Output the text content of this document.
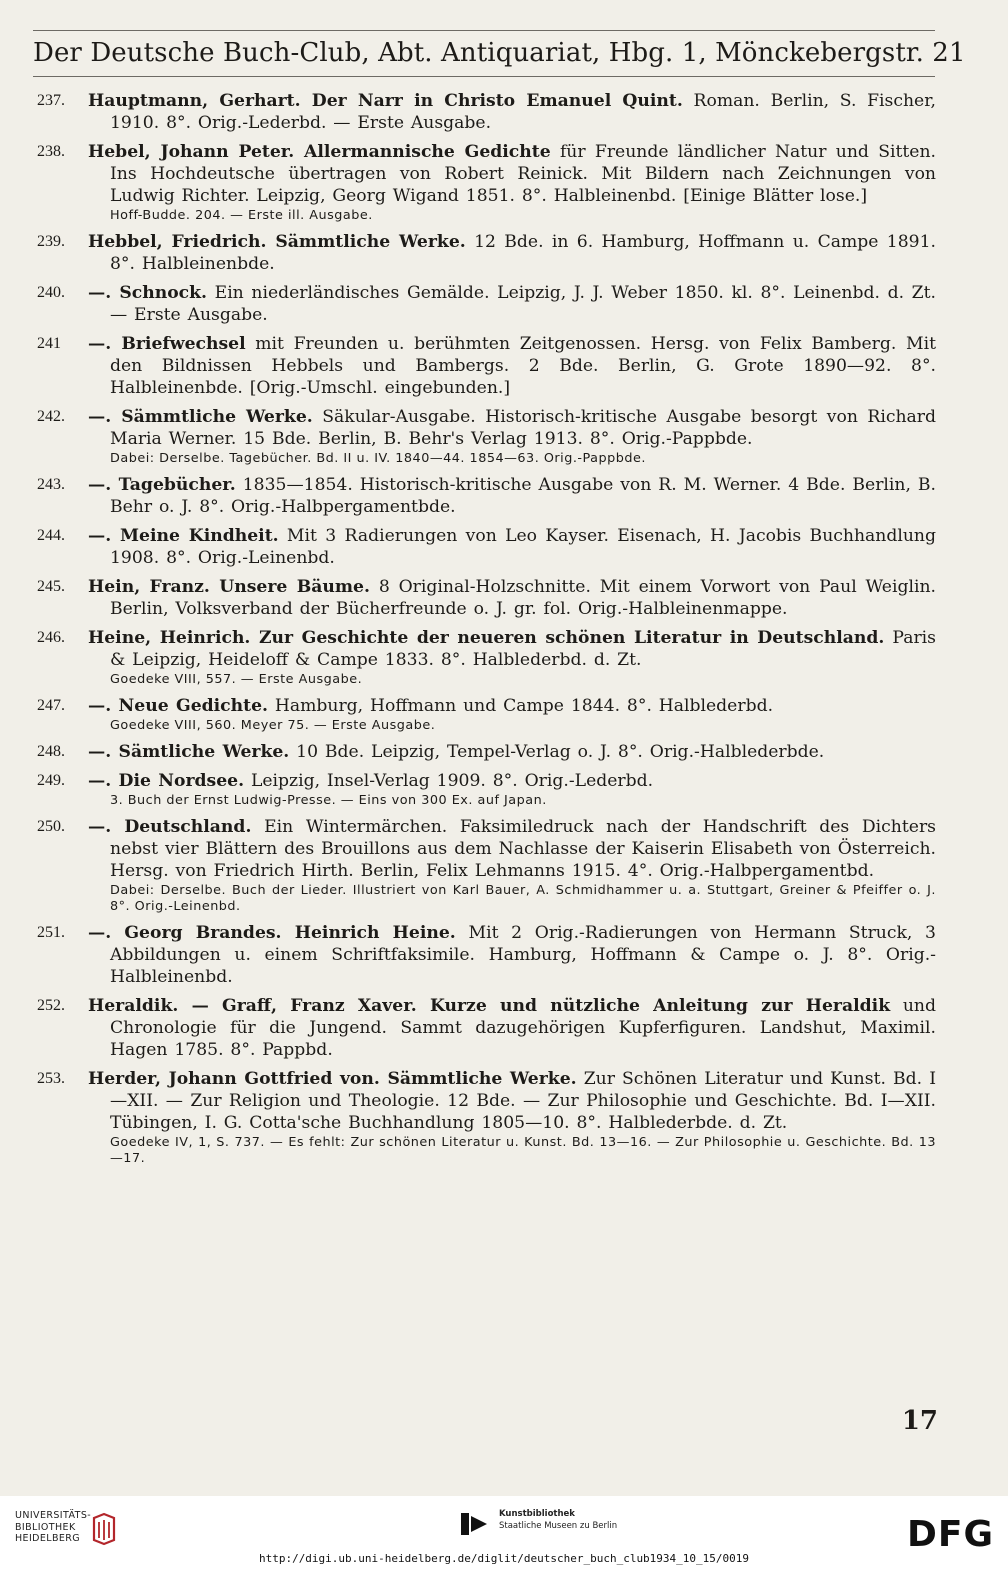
Der Deutsche Buch-Club, Abt. Antiquariat, Hbg. 1, Mönckebergstr. 21
237. Hauptmann, Gerhart. Der Narr in Christo Emanuel Quint. Roman. Berlin, S. Fischer, 1910. 8°. Orig.-Lederbd. — Erste Ausgabe.
238. Hebel, Johann Peter. Allermannische Gedichte für Freunde ländlicher Natur und Sitten. Ins Hochdeutsche übertragen von Robert Reinick. Mit Bildern nach Zeichnungen von Ludwig Richter. Leipzig, Georg Wigand 1851. 8°. Halbleinenbd. [Einige Blätter lose.]
Hoff-Budde. 204. — Erste ill. Ausgabe.
239. Hebbel, Friedrich. Sämmtliche Werke. 12 Bde. in 6. Hamburg, Hoffmann u. Campe 1891. 8°. Halbleinenbde.
240. —. Schnock. Ein niederländisches Gemälde. Leipzig, J. J. Weber 1850. kl. 8°. Leinenbd. d. Zt. — Erste Ausgabe.
241 —. Briefwechsel mit Freunden u. berühmten Zeitgenossen. Hersg. von Felix Bamberg. Mit den Bildnissen Hebbels und Bambergs. 2 Bde. Berlin, G. Grote 1890—92. 8°. Halbleinenbde. [Orig.-Umschl. eingebunden.]
242. —. Sämmtliche Werke. Säkular-Ausgabe. Historisch-kritische Ausgabe besorgt von Richard Maria Werner. 15 Bde. Berlin, B. Behr's Verlag 1913. 8°. Orig.-Pappbde.
Dabei: Derselbe. Tagebücher. Bd. II u. IV. 1840—44. 1854—63. Orig.-Pappbde.
243. —. Tagebücher. 1835—1854. Historisch-kritische Ausgabe von R. M. Werner. 4 Bde. Berlin, B. Behr o. J. 8°. Orig.-Halbpergamentbde.
244. —. Meine Kindheit. Mit 3 Radierungen von Leo Kayser. Eisenach, H. Jacobis Buchhandlung 1908. 8°. Orig.-Leinenbd.
245. Hein, Franz. Unsere Bäume. 8 Original-Holzschnitte. Mit einem Vorwort von Paul Weiglin. Berlin, Volksverband der Bücherfreunde o. J. gr. fol. Orig.-Halbleinenmappe.
246. Heine, Heinrich. Zur Geschichte der neueren schönen Literatur in Deutschland. Paris & Leipzig, Heideloff & Campe 1833. 8°. Halblederbd. d. Zt.
Goedeke VIII, 557. — Erste Ausgabe.
247. —. Neue Gedichte. Hamburg, Hoffmann und Campe 1844. 8°. Halblederbd.
Goedeke VIII, 560. Meyer 75. — Erste Ausgabe.
248. —. Sämtliche Werke. 10 Bde. Leipzig, Tempel-Verlag o. J. 8°. Orig.-Halblederbde.
249. —. Die Nordsee. Leipzig, Insel-Verlag 1909. 8°. Orig.-Lederbd.
3. Buch der Ernst Ludwig-Presse. — Eins von 300 Ex. auf Japan.
250. —. Deutschland. Ein Wintermärchen. Faksimiledruck nach der Handschrift des Dichters nebst vier Blättern des Brouillons aus dem Nachlasse der Kaiserin Elisabeth von Österreich. Hersg. von Friedrich Hirth. Berlin, Felix Lehmanns 1915. 4°. Orig.-Halbpergamentbd.
Dabei: Derselbe. Buch der Lieder. Illustriert von Karl Bauer, A. Schmidhammer u. a. Stuttgart, Greiner & Pfeiffer o. J. 8°. Orig.-Leinenbd.
251. —. Georg Brandes. Heinrich Heine. Mit 2 Orig.-Radierungen von Hermann Struck, 3 Abbildungen u. einem Schriftfaksimile. Hamburg, Hoffmann & Campe o. J. 8°. Orig.-Halbleinenbd.
252. Heraldik. — Graff, Franz Xaver. Kurze und nützliche Anleitung zur Heraldik und Chronologie für die Jungend. Sammt dazugehörigen Kupferfiguren. Landshut, Maximil. Hagen 1785. 8°. Pappbd.
253. Herder, Johann Gottfried von. Sämmtliche Werke. Zur Schönen Literatur und Kunst. Bd. I—XII. — Zur Religion und Theologie. 12 Bde. — Zur Philosophie und Geschichte. Bd. I—XII. Tübingen, I. G. Cotta'sche Buchhandlung 1805—10. 8°. Halblederbde. d. Zt.
Goedeke IV, 1, S. 737. — Es fehlt: Zur schönen Literatur u. Kunst. Bd. 13—16. — Zur Philosophie u. Geschichte. Bd. 13—17.
17
UNIVERSITÄTS-
BIBLIOTHEK
HEIDELBERG
Kunstbibliothek
Staatliche Museen zu Berlin	DFG
http://digi.ub.uni-heidelberg.de/diglit/deutscher_buch_club1934_10_15/0019
